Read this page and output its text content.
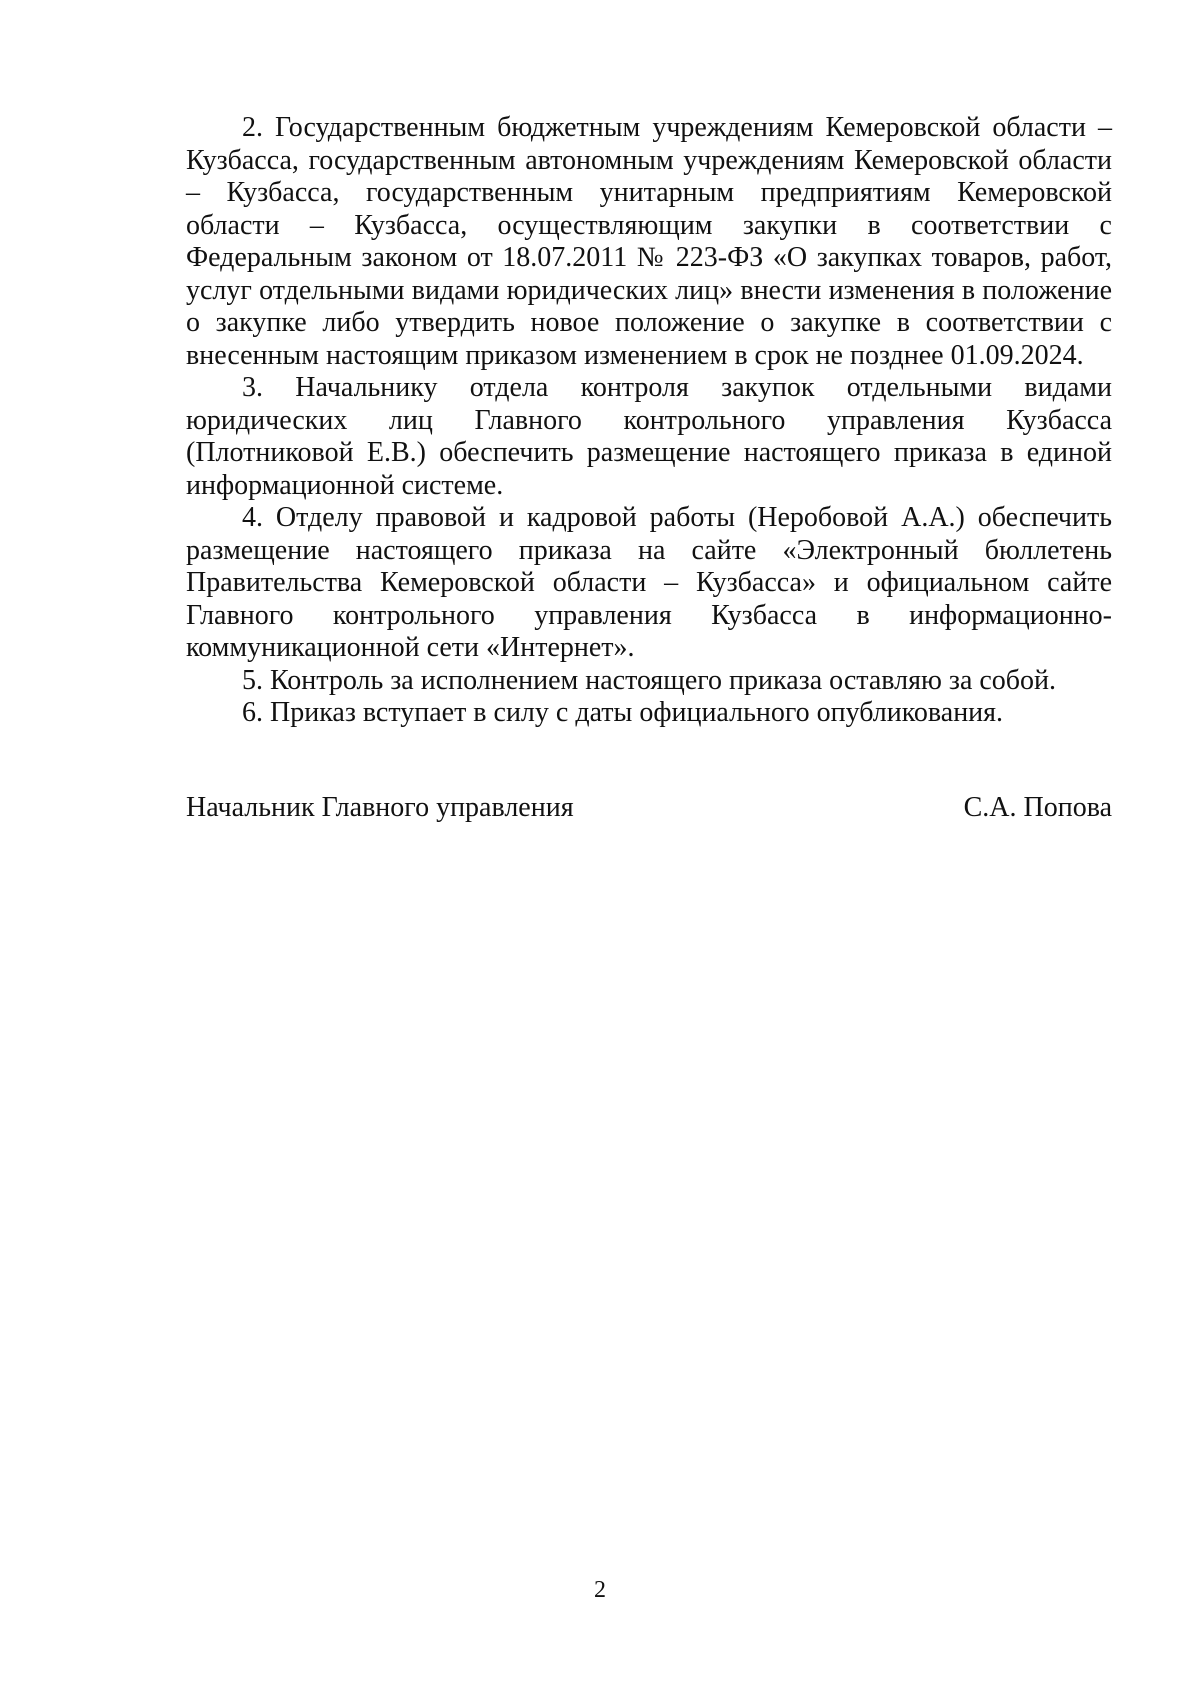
2. Государственным бюджетным учреждениям Кемеровской области – Кузбасса, государственным автономным учреждениям Кемеровской области – Кузбасса, государственным унитарным предприятиям Кемеровской области – Кузбасса, осуществляющим закупки в соответствии с Федеральным законом от 18.07.2011 № 223-ФЗ «О закупках товаров, работ, услуг отдельными видами юридических лиц» внести изменения в положение о закупке либо утвердить новое положение о закупке в соответствии с внесенным настоящим приказом изменением в срок не позднее 01.09.2024.

3. Начальнику отдела контроля закупок отдельными видами юридических лиц Главного контрольного управления Кузбасса (Плотниковой Е.В.) обеспечить размещение настоящего приказа в единой информационной системе.

4. Отделу правовой и кадровой работы (Неробовой А.А.) обеспечить размещение настоящего приказа на сайте «Электронный бюллетень Правительства Кемеровской области – Кузбасса» и официальном сайте Главного контрольного управления Кузбасса в информационно-коммуникационной сети «Интернет».

5. Контроль за исполнением настоящего приказа оставляю за собой.

6. Приказ вступает в силу с даты официального опубликования.

Начальник Главного управления	С.А. Попова
2
